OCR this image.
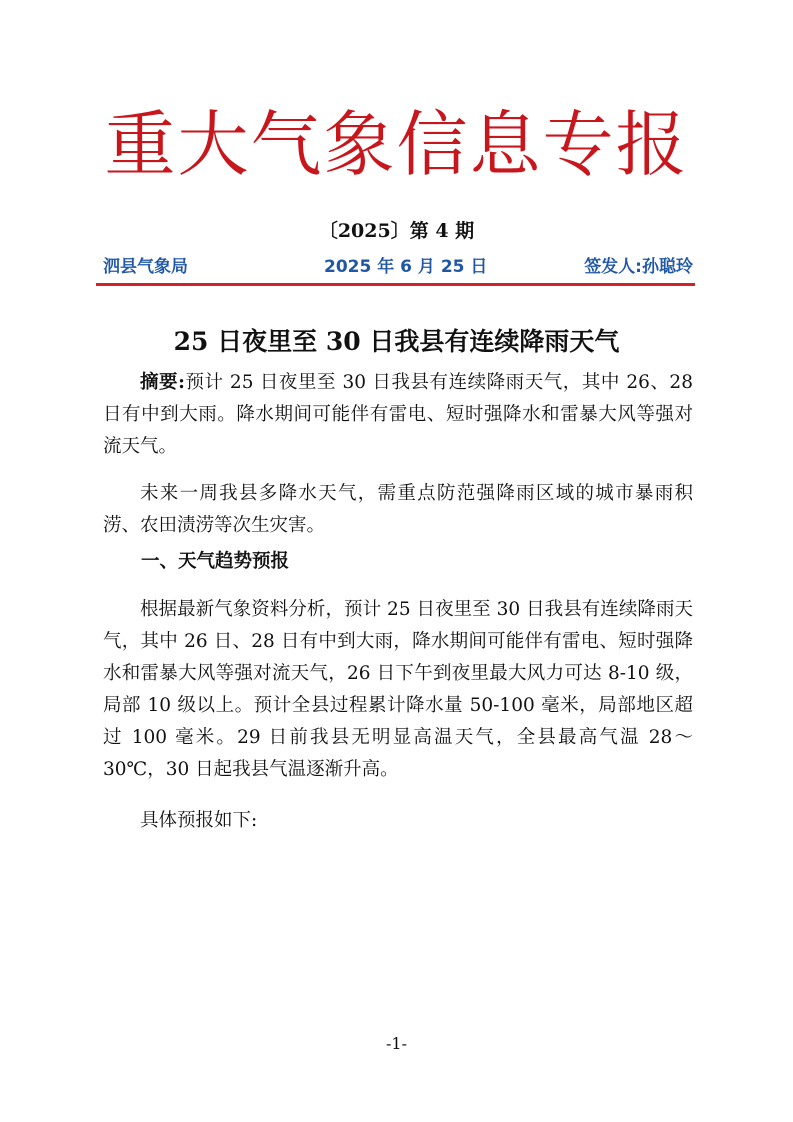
重大气象信息专报
〔2025〕第 4 期
泗县气象局	2025 年 6 月 25 日	签发人:孙聪玲
25 日夜里至 30 日我县有连续降雨天气
摘要:预计 25 日夜里至 30 日我县有连续降雨天气，其中 26、28 日有中到大雨。降水期间可能伴有雷电、短时强降水和雷暴大风等强对流天气。
未来一周我县多降水天气，需重点防范强降雨区域的城市暴雨积涝、农田渍涝等次生灾害。
一、天气趋势预报
根据最新气象资料分析，预计 25 日夜里至 30 日我县有连续降雨天气，其中 26 日、28 日有中到大雨，降水期间可能伴有雷电、短时强降水和雷暴大风等强对流天气，26 日下午到夜里最大风力可达 8-10 级，局部 10 级以上。预计全县过程累计降水量 50-100 毫米，局部地区超过 100 毫米。29 日前我县无明显高温天气，全县最高气温 28～30℃，30 日起我县气温逐渐升高。
具体预报如下:
-1-
